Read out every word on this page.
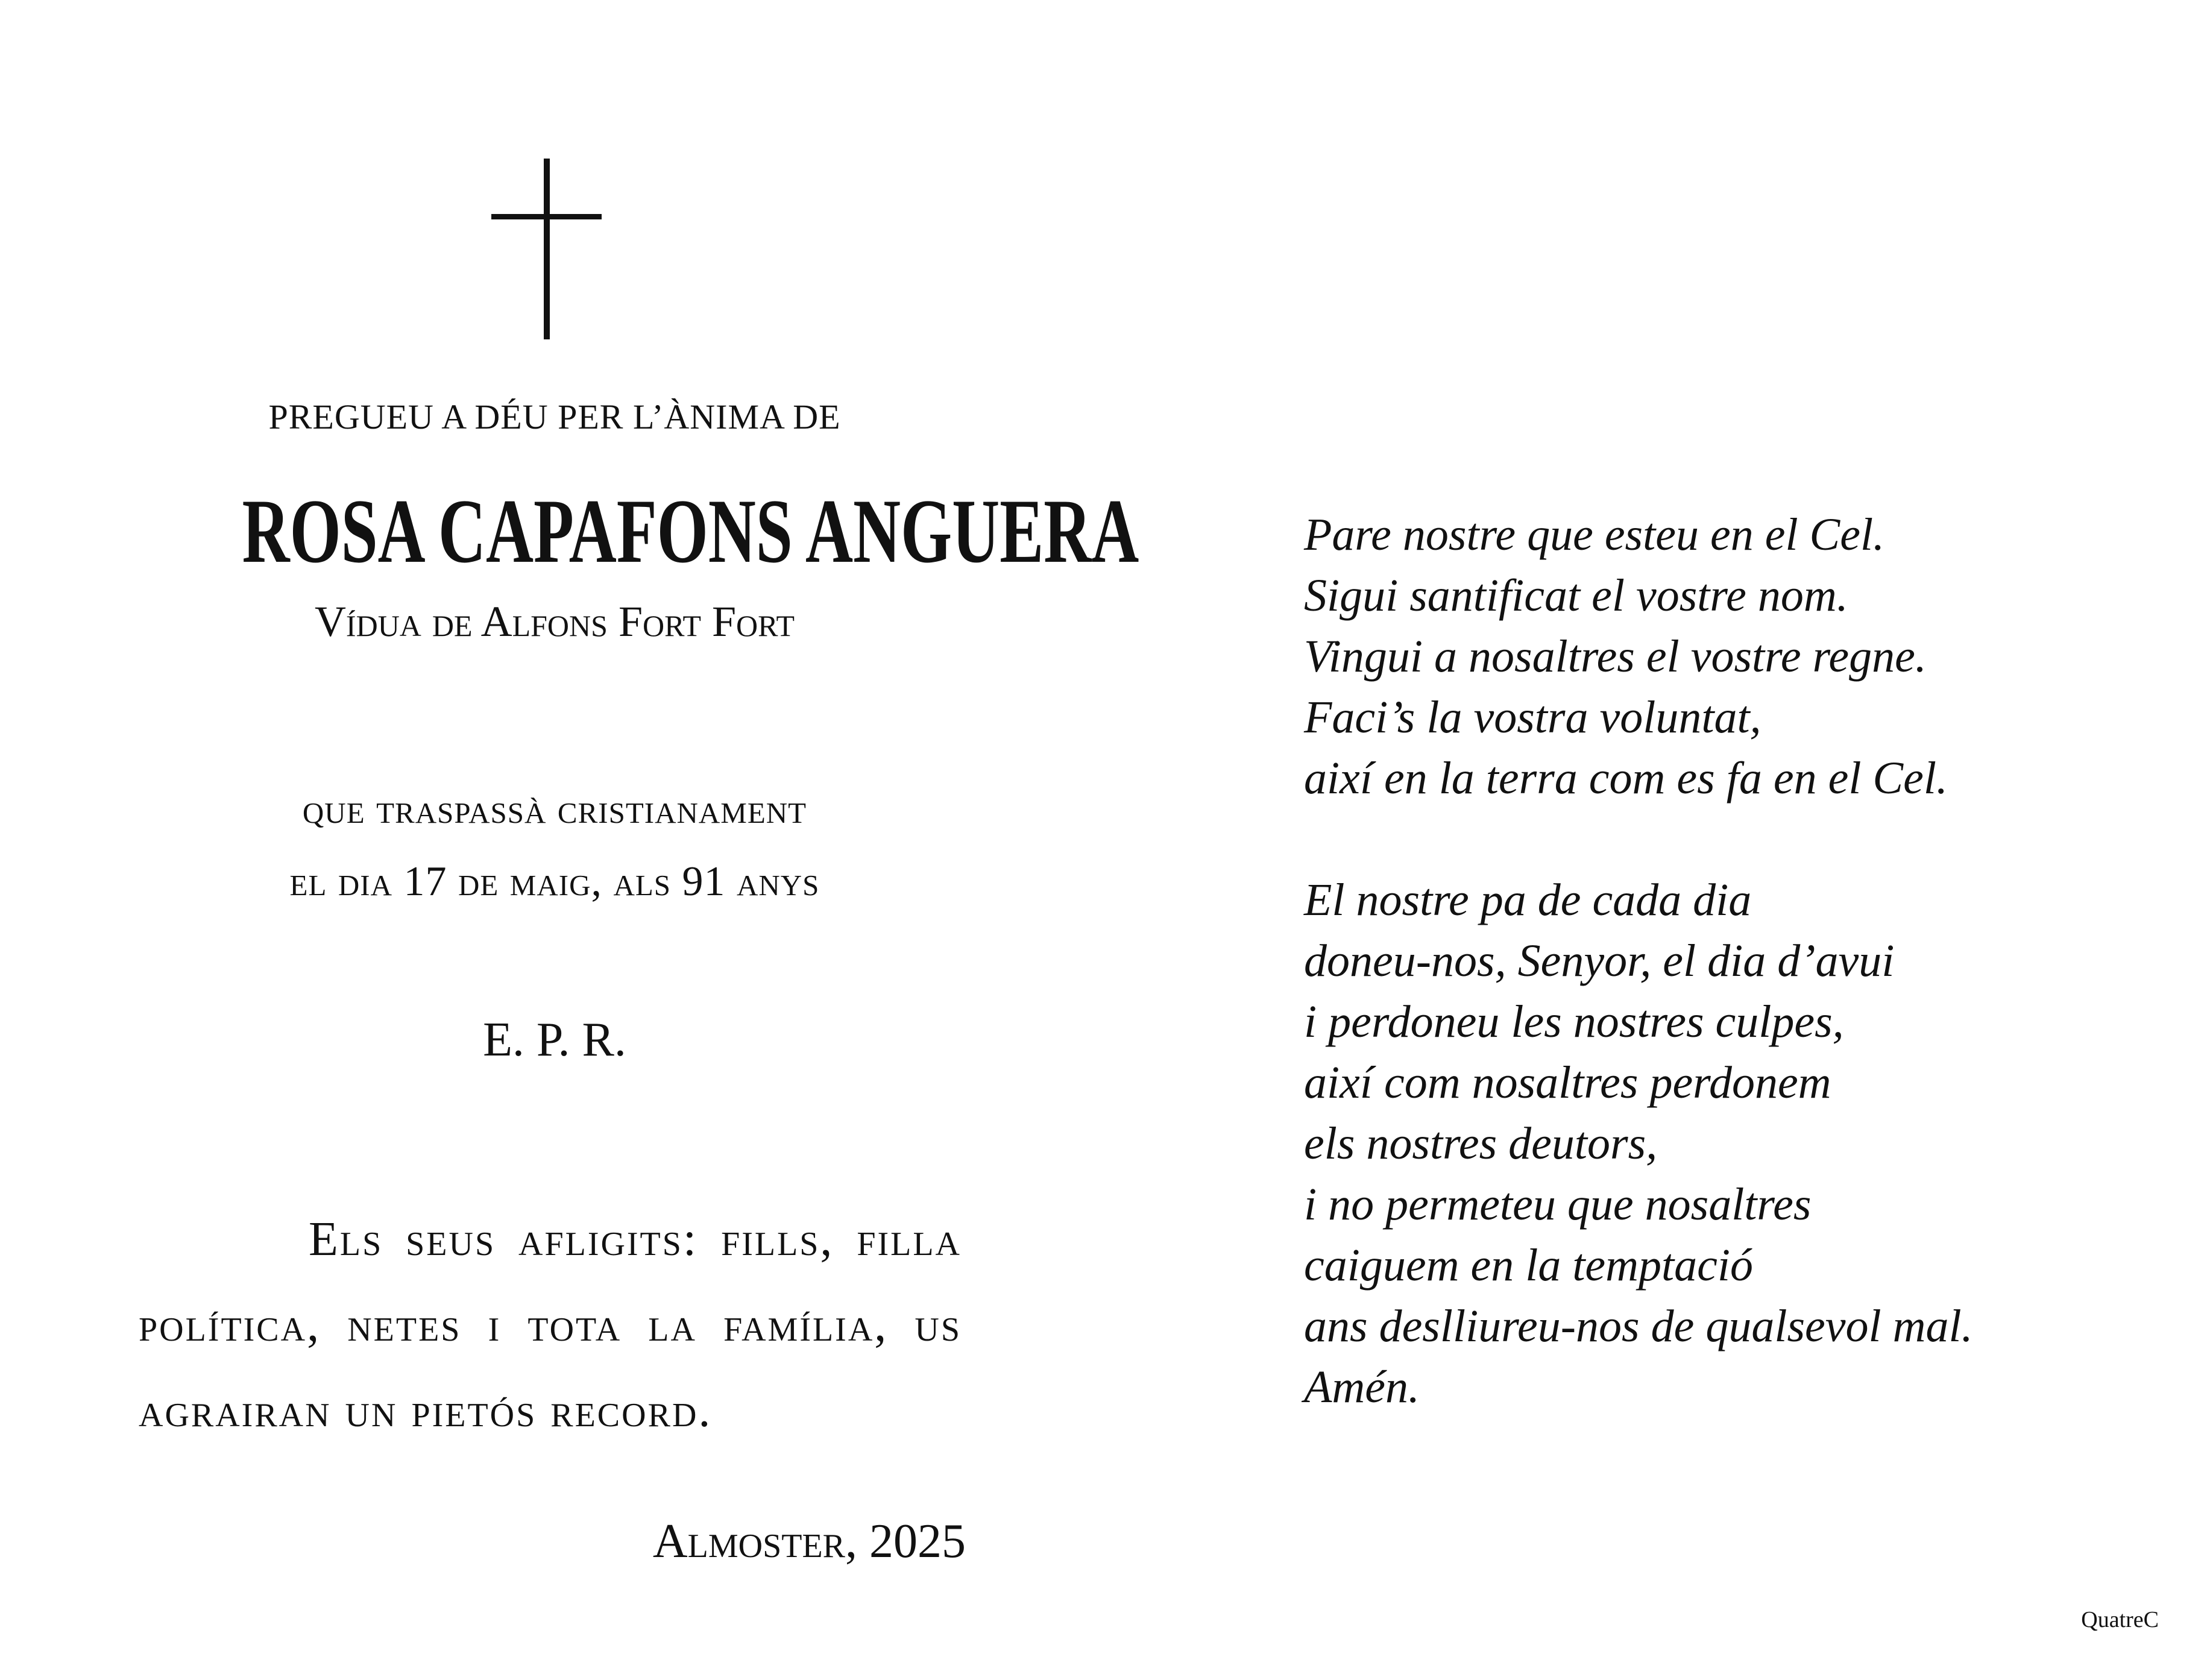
PREGUEU A DÉU PER L’ÀNIMA DE
ROSA CAPAFONS ANGUERA
Vídua de Alfons Fort Fort
que traspassà cristianament
el dia 17 de maig, als 91 anys
E. P. R.
Els seus afligits: fills, filla política, netes i tota la família, us agrairan un pietós record.
Almoster, 2025
Pare nostre que esteu en el Cel.
Sigui santificat el vostre nom.
Vingui a nosaltres el vostre regne.
Faci’s la vostra voluntat,
així en la terra com es fa en el Cel.
El nostre pa de cada dia
doneu-nos, Senyor, el dia d’avui
i perdoneu les nostres culpes,
així com nosaltres perdonem
els nostres deutors,
i no permeteu que nosaltres
caiguem en la temptació
ans deslliureu-nos de qualsevol mal.
Amén.
QuatreC
